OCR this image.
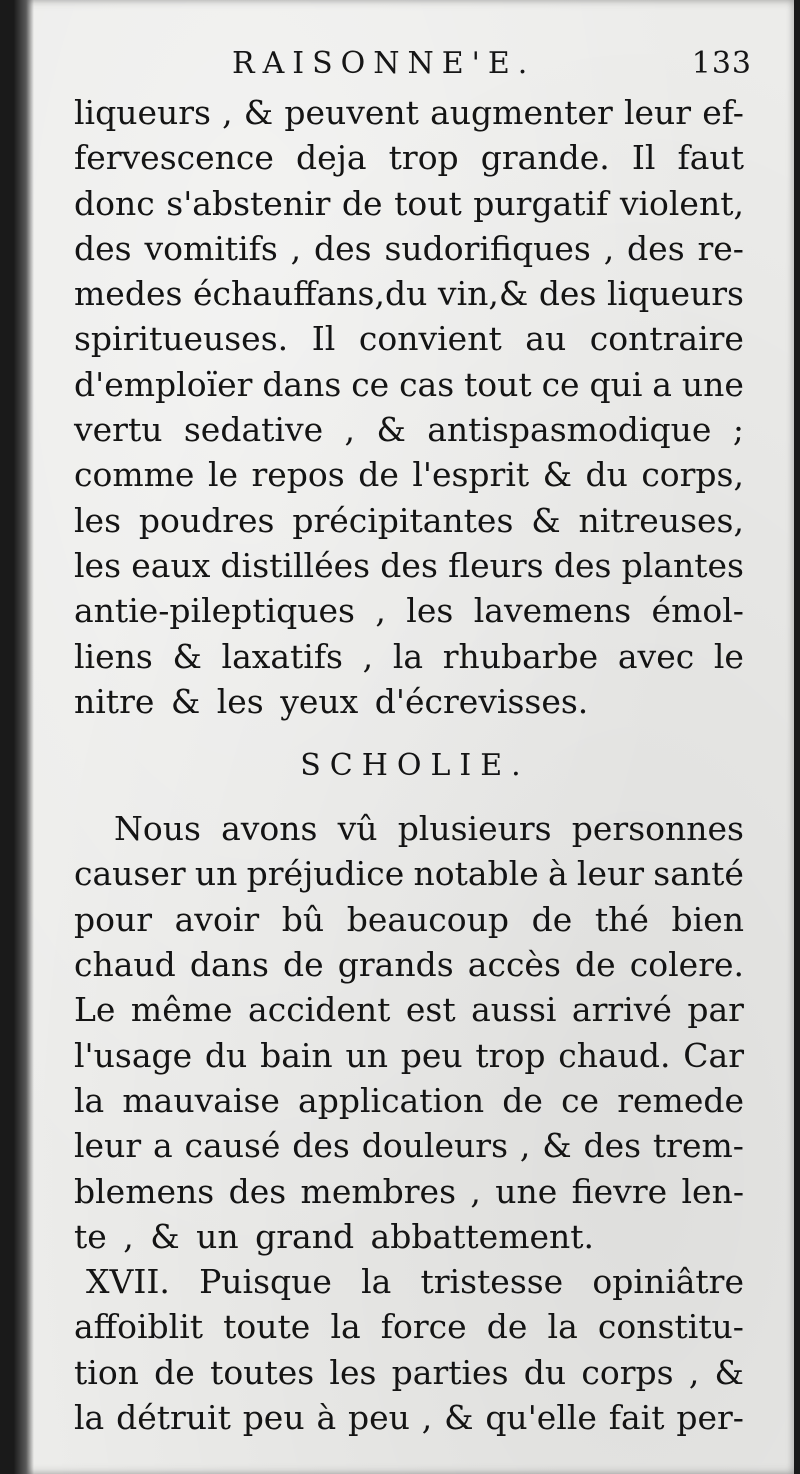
RAISONNE'E.	133
liqueurs , & peuvent augmenter leur ef-
fervescence deja trop grande. Il faut
donc s'abstenir de tout purgatif violent,
des vomitifs , des sudorifiques , des re-
medes échauffans,du vin,& des liqueurs
spiritueuses. Il convient au contraire
d'emploïer dans ce cas tout ce qui a une
vertu sedative , & antispasmodique ;
comme le repos de l'esprit & du corps,
les poudres précipitantes & nitreuses,
les eaux distillées des fleurs des plantes
antie-pileptiques , les lavemens émol-
liens & laxatifs , la rhubarbe avec le
nitre & les yeux d'écrevisses.
SCHOLIE.
Nous avons vû plusieurs personnes
causer un préjudice notable à leur santé
pour avoir bû beaucoup de thé bien
chaud dans de grands accès de colere.
Le même accident est aussi arrivé par
l'usage du bain un peu trop chaud. Car
la mauvaise application de ce remede
leur a causé des douleurs , & des trem-
blemens des membres , une fievre len-
te , & un grand abbattement.
XVII. Puisque la tristesse opiniâtre
affoiblit toute la force de la constitu-
tion de toutes les parties du corps , &
la détruit peu à peu , & qu'elle fait per-
